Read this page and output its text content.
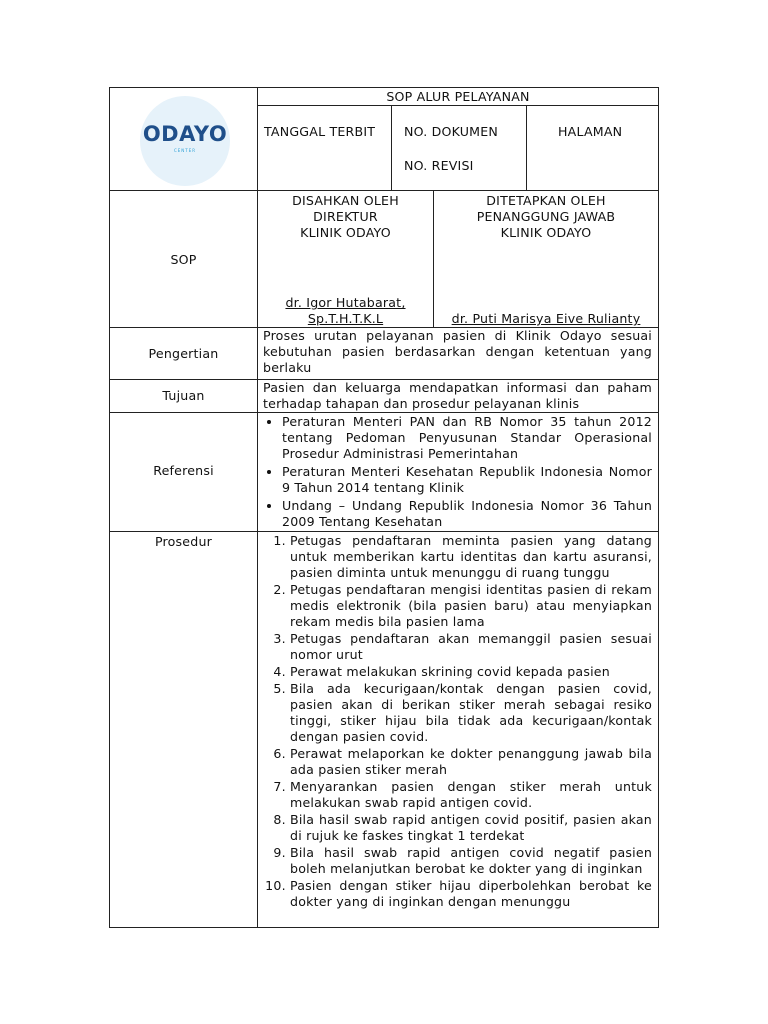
ODAYO
CENTER
SOP ALUR PELAYANAN
TANGGAL TERBIT NO. DOKUMEN
NO. REVISI
HALAMAN
SOP
DISAHKAN OLEH
DIREKTUR
KLINIK ODAYO
dr. Igor Hutabarat,
Sp.T.H.T.K.L
DITETAPKAN OLEH
PENANGGUNG JAWAB
KLINIK ODAYO
dr. Puti Marisya Eive Rulianty
Pengertian
Proses urutan pelayanan pasien di Klinik Odayo sesuai kebutuhan pasien berdasarkan dengan ketentuan yang berlaku
Tujuan
Pasien dan keluarga mendapatkan informasi dan paham terhadap tahapan dan prosedur pelayanan klinis
Referensi
• Peraturan Menteri PAN dan RB Nomor 35 tahun 2012 tentang Pedoman Penyusunan Standar Operasional Prosedur Administrasi Pemerintahan
• Peraturan Menteri Kesehatan Republik Indonesia Nomor 9 Tahun 2014 tentang Klinik
• Undang – Undang Republik Indonesia Nomor 36 Tahun 2009 Tentang Kesehatan
Prosedur
1.	Petugas pendaftaran meminta pasien yang datang untuk memberikan kartu identitas dan kartu asuransi, pasien diminta untuk menunggu di ruang tunggu
2. Petugas pendaftaran mengisi identitas pasien di rekam medis elektronik (bila pasien baru) atau menyiapkan rekam medis bila pasien lama
3. Petugas pendaftaran akan memanggil pasien sesuai nomor urut
4. Perawat melakukan skrining covid kepada pasien
5. Bila ada kecurigaan/kontak dengan pasien covid, pasien akan di berikan stiker merah sebagai resiko tinggi, stiker hijau bila tidak ada kecurigaan/kontak dengan pasien covid.
6. Perawat melaporkan ke dokter penanggung jawab bila ada pasien stiker merah
7. Menyarankan pasien dengan stiker merah untuk melakukan swab rapid antigen covid.
8. Bila hasil swab rapid antigen covid positif, pasien akan di rujuk ke faskes tingkat 1 terdekat
9. Bila hasil swab rapid antigen covid negatif pasien boleh melanjutkan berobat ke dokter yang di inginkan
10. Pasien dengan stiker hijau diperbolehkan berobat ke dokter yang di inginkan dengan menunggu
